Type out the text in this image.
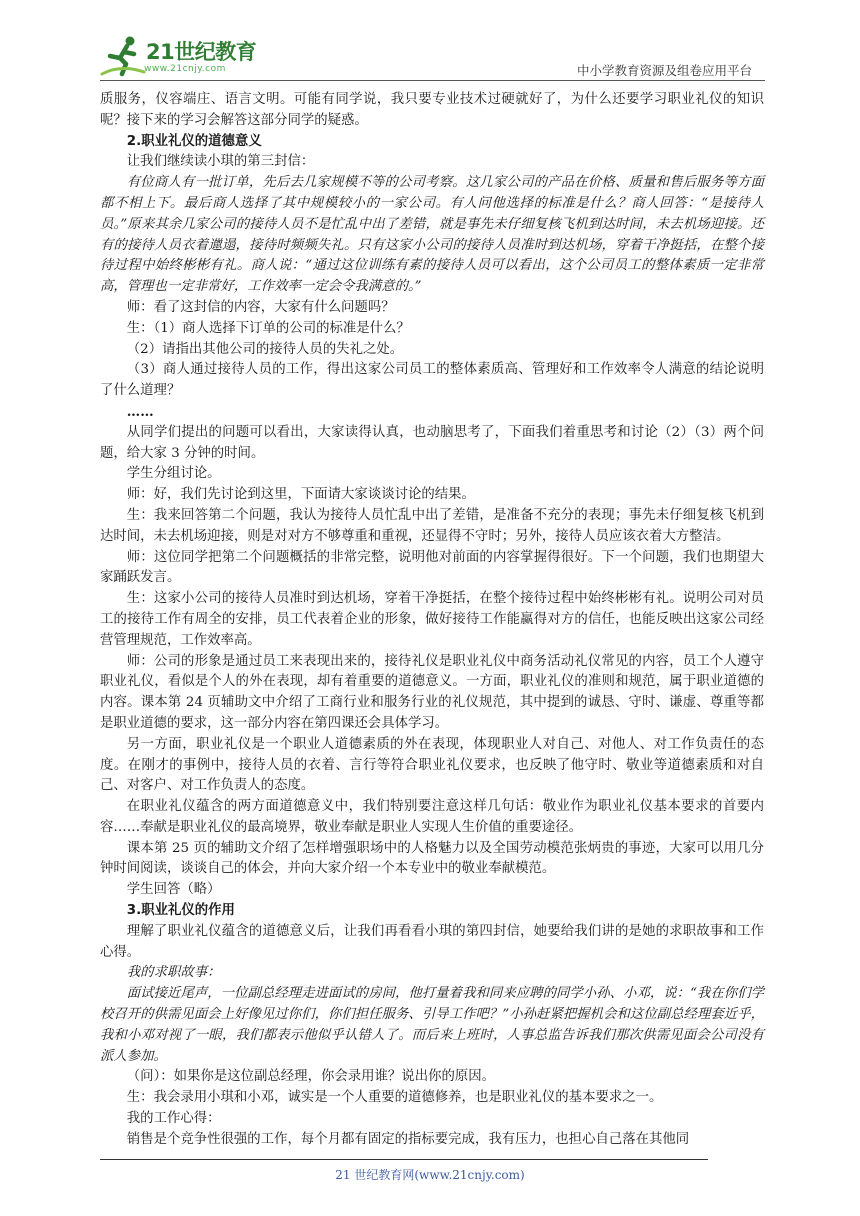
21世纪教育
www.21cnjy.com	中小学教育资源及组卷应用平台

质服务，仪容端庄、语言文明。可能有同学说，我只要专业技术过硬就好了，为什么还要学习职业礼仪的知识呢？接下来的学习会解答这部分同学的疑惑。

2.职业礼仪的道德意义

让我们继续读小琪的第三封信：

有位商人有一批订单，先后去几家规模不等的公司考察。这几家公司的产品在价格、质量和售后服务等方面都不相上下。最后商人选择了其中规模较小的一家公司。有人问他选择的标准是什么？商人回答：“是接待人员。”原来其余几家公司的接待人员不是忙乱中出了差错，就是事先未仔细复核飞机到达时间，未去机场迎接。还有的接待人员衣着邋遢，接待时频频失礼。只有这家小公司的接待人员准时到达机场，穿着干净挺括，在整个接待过程中始终彬彬有礼。商人说：“通过这位训练有素的接待人员可以看出，这个公司员工的整体素质一定非常高，管理也一定非常好，工作效率一定会令我满意的。”

师：看了这封信的内容，大家有什么问题吗？

生：（1）商人选择下订单的公司的标准是什么？

（2）请指出其他公司的接待人员的失礼之处。

（3）商人通过接待人员的工作，得出这家公司员工的整体素质高、管理好和工作效率令人满意的结论说明了什么道理？

……

从同学们提出的问题可以看出，大家读得认真，也动脑思考了，下面我们着重思考和讨论（2）（3）两个问题，给大家 3 分钟的时间。

学生分组讨论。

师：好，我们先讨论到这里，下面请大家谈谈讨论的结果。

生：我来回答第二个问题，我认为接待人员忙乱中出了差错，是准备不充分的表现；事先未仔细复核飞机到达时间，未去机场迎接，则是对对方不够尊重和重视，还显得不守时；另外，接待人员应该衣着大方整洁。

师：这位同学把第二个问题概括的非常完整，说明他对前面的内容掌握得很好。下一个问题，我们也期望大家踊跃发言。

生：这家小公司的接待人员准时到达机场，穿着干净挺括，在整个接待过程中始终彬彬有礼。说明公司对员工的接待工作有周全的安排，员工代表着企业的形象，做好接待工作能赢得对方的信任，也能反映出这家公司经营管理规范，工作效率高。

师：公司的形象是通过员工来表现出来的，接待礼仪是职业礼仪中商务活动礼仪常见的内容，员工个人遵守职业礼仪，看似是个人的外在表现，却有着重要的道德意义。一方面，职业礼仪的准则和规范，属于职业道德的内容。课本第 24 页辅助文中介绍了工商行业和服务行业的礼仪规范，其中提到的诚恳、守时、谦虚、尊重等都是职业道德的要求，这一部分内容在第四课还会具体学习。

另一方面，职业礼仪是一个职业人道德素质的外在表现，体现职业人对自己、对他人、对工作负责任的态度。在刚才的事例中，接待人员的衣着、言行等符合职业礼仪要求，也反映了他守时、敬业等道德素质和对自己、对客户、对工作负责人的态度。

在职业礼仪蕴含的两方面道德意义中，我们特别要注意这样几句话：敬业作为职业礼仪基本要求的首要内容……奉献是职业礼仪的最高境界，敬业奉献是职业人实现人生价值的重要途径。

课本第 25 页的辅助文介绍了怎样增强职场中的人格魅力以及全国劳动模范张炳贵的事迹，大家可以用几分钟时间阅读，谈谈自己的体会，并向大家介绍一个本专业中的敬业奉献模范。

学生回答（略）

3.职业礼仪的作用

理解了职业礼仪蕴含的道德意义后，让我们再看看小琪的第四封信，她要给我们讲的是她的求职故事和工作心得。

我的求职故事：

面试接近尾声，一位副总经理走进面试的房间，他打量着我和同来应聘的同学小孙、小邓，说：“我在你们学校召开的供需见面会上好像见过你们，你们担任服务、引导工作吧？”小孙赶紧把握机会和这位副总经理套近乎，我和小邓对视了一眼，我们都表示他似乎认错人了。而后来上班时，人事总监告诉我们那次供需见面会公司没有派人参加。

（问）：如果你是这位副总经理，你会录用谁？说出你的原因。

生：我会录用小琪和小邓，诚实是一个人重要的道德修养，也是职业礼仪的基本要求之一。

我的工作心得：

销售是个竞争性很强的工作，每个月都有固定的指标要完成，我有压力，也担心自己落在其他同

21 世纪教育网(www.21cnjy.com)
